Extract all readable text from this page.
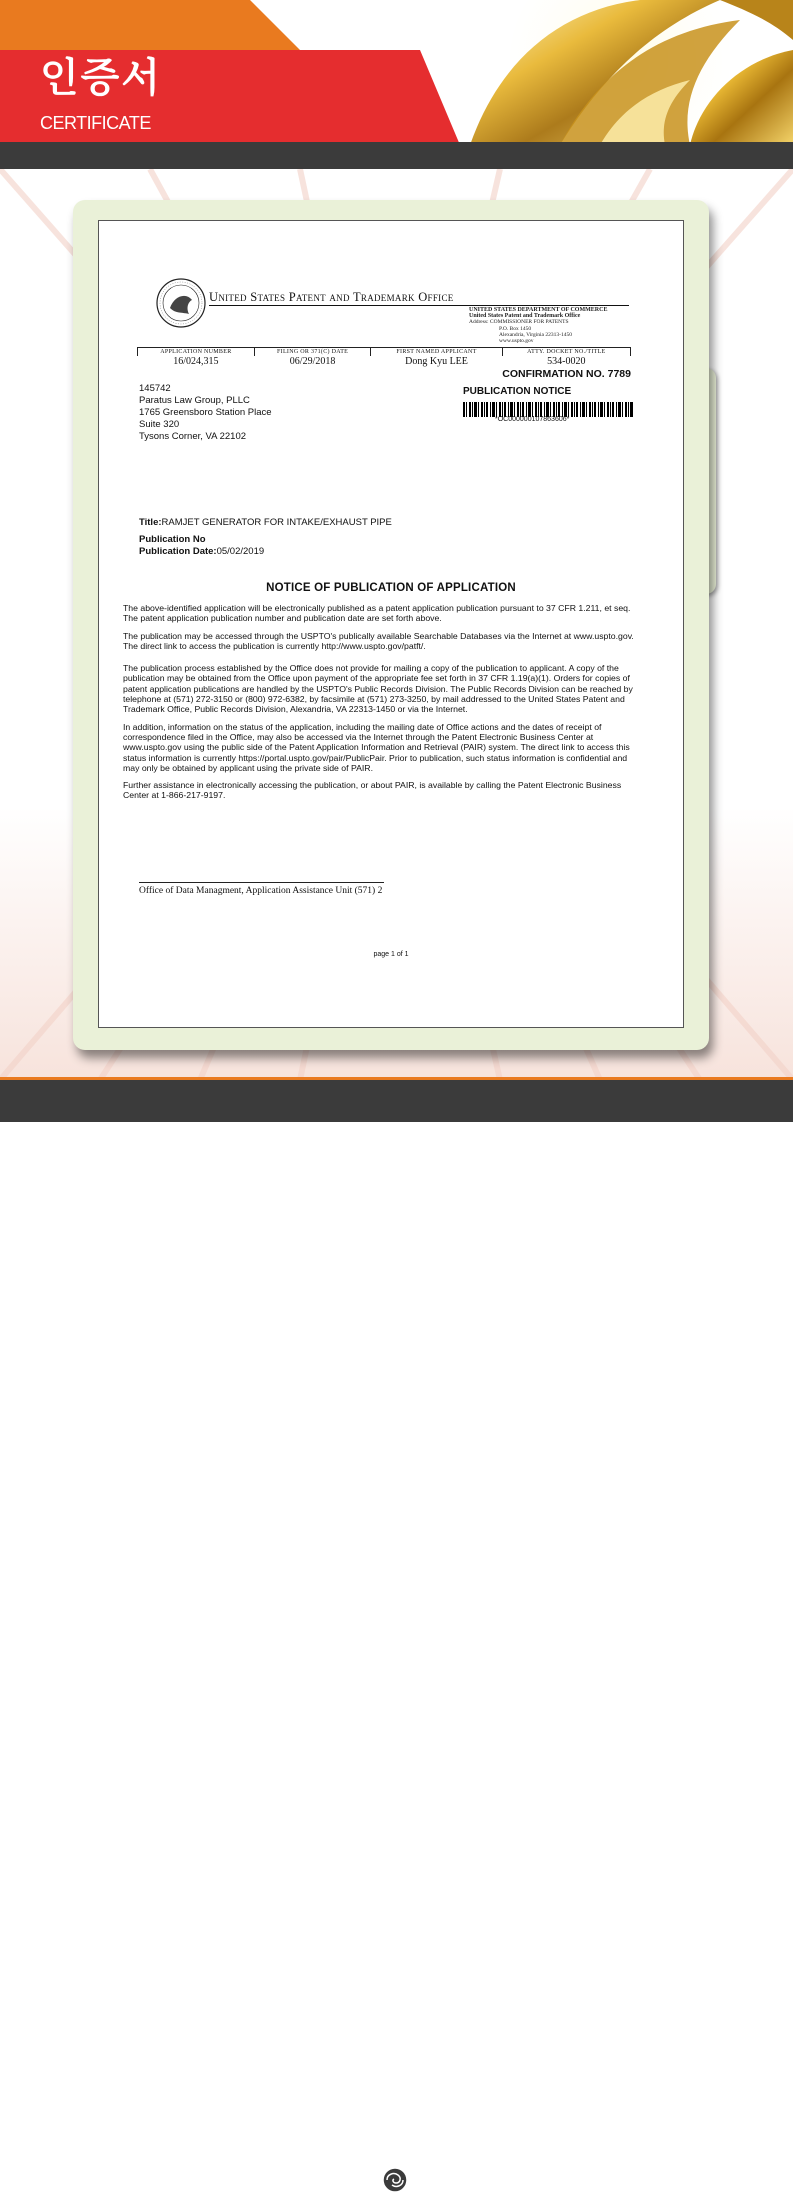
인증서
CERTIFICATE
United States Patent and Trademark Office
UNITED STATES DEPARTMENT OF COMMERCE
United States Patent and Trademark Office
Address: COMMISSIONER FOR PATENTS
P.O. Box 1450
Alexandria, Virginia 22313-1450
www.uspto.gov
APPLICATION NUMBER	FILING OR 371(C) DATE	FIRST NAMED APPLICANT	ATTY. DOCKET NO./TITLE
16/024,315	06/29/2018	Dong Kyu LEE	534-0020
CONFIRMATION NO. 7789
145742
Paratus Law Group, PLLC
1765 Greensboro Station Place
Suite 320
Tysons Corner, VA 22102
PUBLICATION NOTICE
*OC000000107863606*
Title:RAMJET GENERATOR FOR INTAKE/EXHAUST PIPE
Publication No
Publication Date:05/02/2019
NOTICE OF PUBLICATION OF APPLICATION

The above-identified application will be electronically published as a patent application publication pursuant to 37 CFR 1.211, et seq. The patent application publication number and publication date are set forth above.

The publication may be accessed through the USPTO's publically available Searchable Databases via the Internet at www.uspto.gov. The direct link to access the publication is currently http://www.uspto.gov/patft/.

The publication process established by the Office does not provide for mailing a copy of the publication to applicant. A copy of the publication may be obtained from the Office upon payment of the appropriate fee set forth in 37 CFR 1.19(a)(1). Orders for copies of patent application publications are handled by the USPTO's Public Records Division. The Public Records Division can be reached by telephone at (571) 272-3150 or (800) 972-6382, by facsimile at (571) 273-3250, by mail addressed to the United States Patent and Trademark Office, Public Records Division, Alexandria, VA 22313-1450 or via the Internet.

In addition, information on the status of the application, including the mailing date of Office actions and the dates of receipt of correspondence filed in the Office, may also be accessed via the Internet through the Patent Electronic Business Center at www.uspto.gov using the public side of the Patent Application Information and Retrieval (PAIR) system. The direct link to access this status information is currently https://portal.uspto.gov/pair/PublicPair. Prior to publication, such status information is confidential and may only be obtained by applicant using the private side of PAIR.

Further assistance in electronically accessing the publication, or about PAIR, is available by calling the Patent Electronic Business Center at 1-866-217-9197.

Office of Data Managment, Application Assistance Unit (571) 2
page 1 of 1
RAMJET	POWER
